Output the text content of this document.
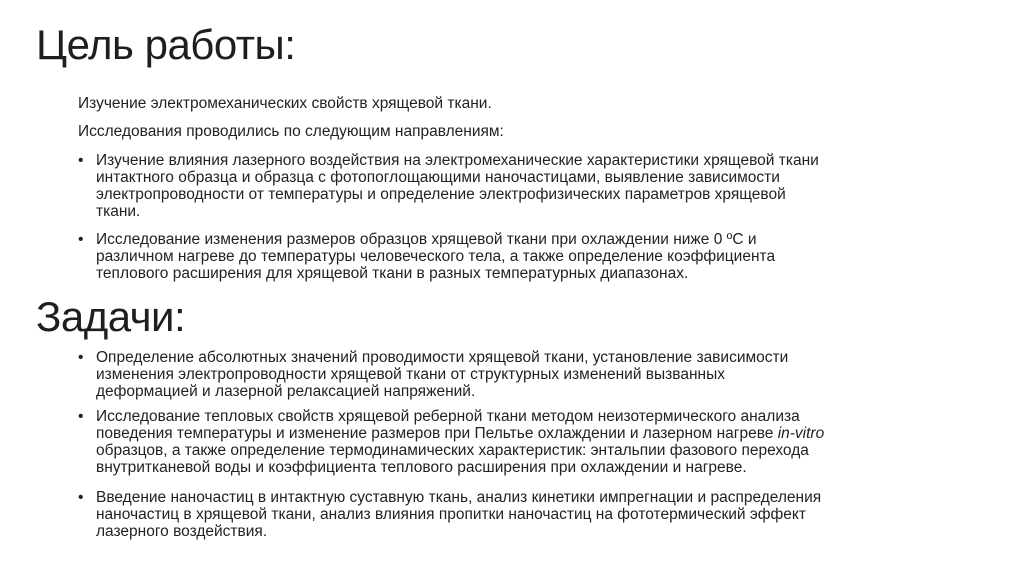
Цель работы:
Изучение электромеханических свойств хрящевой ткани.
Исследования проводились по следующим направлениям:
• Изучение влияния лазерного воздействия на электромеханические характеристики хрящевой ткани
интактного образца и образца с фотопоглощающими наночастицами, выявление зависимости
электропроводности от температуры и определение электрофизических параметров хрящевой
ткани.
• Исследование изменения размеров образцов хрящевой ткани при охлаждении ниже 0 ºС и
различном нагреве до температуры человеческого тела, а также определение коэффициента
теплового расширения для хрящевой ткани в разных температурных диапазонах.
Задачи:
• Определение абсолютных значений проводимости хрящевой ткани, установление зависимости
изменения электропроводности хрящевой ткани от структурных изменений вызванных
деформацией и лазерной релаксацией напряжений.
• Исследование тепловых свойств хрящевой реберной ткани методом неизотермического анализа
поведения температуры и изменение размеров при Пельтье охлаждении и лазерном нагреве in-vitro
образцов, а также определение термодинамических характеристик: энтальпии фазового перехода
внутритканевой воды и коэффициента теплового расширения при охлаждении и нагреве.
• Введение наночастиц в интактную суставную ткань, анализ кинетики импрегнации и распределения
наночастиц в хрящевой ткани, анализ влияния пропитки наночастиц на фототермический эффект
лазерного воздействия.
